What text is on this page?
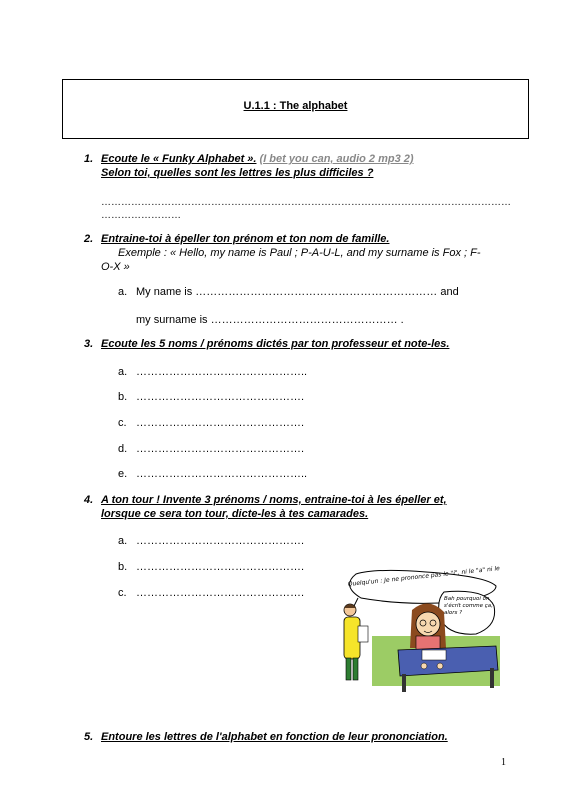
U.1.1 : The alphabet
1. Ecoute le « Funky Alphabet ». (I bet you can, audio 2 mp3 2)
Selon toi, quelles sont les lettres les plus difficiles ?
……………………………………………………………………………………………………………
……………………
2. Entraine-toi à épeller ton prénom et ton nom de famille.
Exemple : « Hello, my name is Paul ; P-A-U-L, and my surname is Fox ; F-
O-X »
a. My name is ………………………………………………………… and
my surname is …………………………………………… .
3. Ecoute les 5 noms / prénoms dictés par ton professeur et note-les.
a. ………………………………………..
b. ……………………………………….
c. ……………………………………….
d. ……………………………………….
e. ………………………………………..
4. A ton tour ! Invente 3 prénoms / noms, entraine-toi à les épeller et,
lorsque ce sera ton tour, dicte-les à tes camarades.
a. ……………………………………….
b. ……………………………………….
c. ……………………………………….
Quelqu'un : Je ne prononce pas le "i", ni le "a" ni le "e"...
Bah pourquoi on s'écrit comme ça, alors ?
5. Entoure les lettres de l'alphabet en fonction de leur prononciation.
1
